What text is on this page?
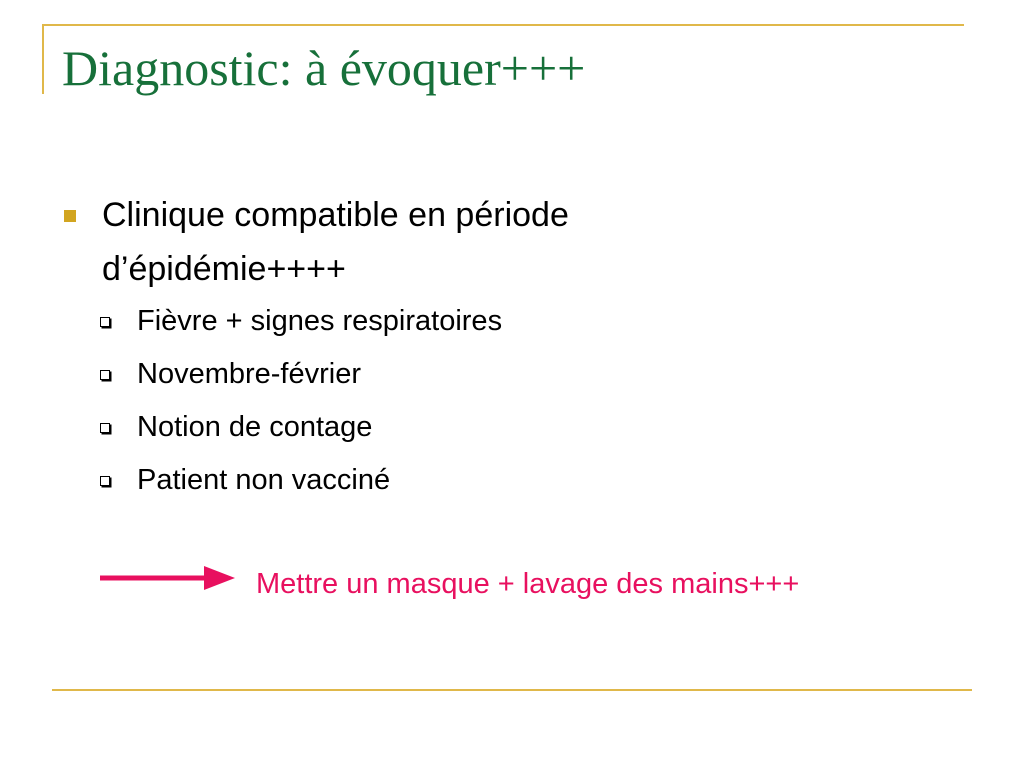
Diagnostic: à évoquer+++
Clinique compatible en période d’épidémie++++
Fièvre + signes respiratoires
Novembre-février
Notion de contage
Patient non vacciné
Mettre un masque + lavage des mains+++
